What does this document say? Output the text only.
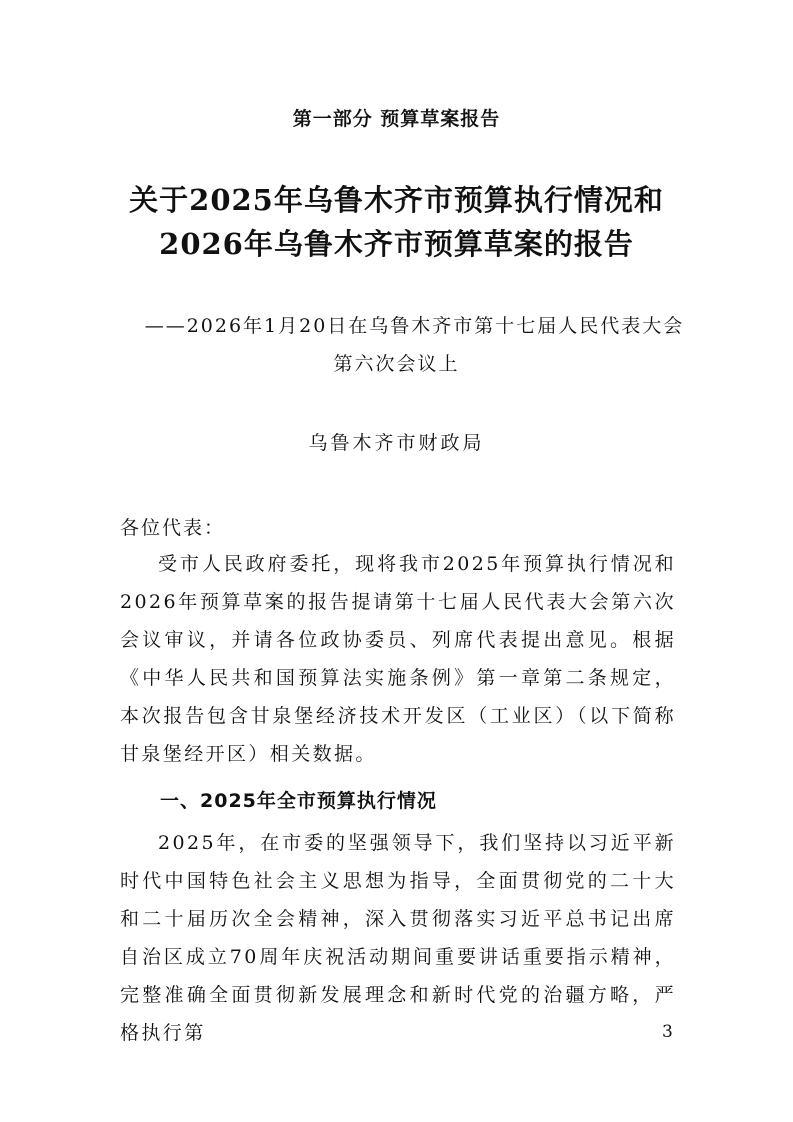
第一部分 预算草案报告
关于2025年乌鲁木齐市预算执行情况和
2026年乌鲁木齐市预算草案的报告
——2026年1月20日在乌鲁木齐市第十七届人民代表大会
第六次会议上
乌鲁木齐市财政局
各位代表：

受市人民政府委托，现将我市2025年预算执行情况和2026年预算草案的报告提请第十七届人民代表大会第六次会议审议，并请各位政协委员、列席代表提出意见。根据《中华人民共和国预算法实施条例》第一章第二条规定，本次报告包含甘泉堡经济技术开发区（工业区）（以下简称甘泉堡经开区）相关数据。

一、2025年全市预算执行情况

2025年，在市委的坚强领导下，我们坚持以习近平新时代中国特色社会主义思想为指导，全面贯彻党的二十大和二十届历次全会精神，深入贯彻落实习近平总书记出席自治区成立70周年庆祝活动期间重要讲话重要指示精神，完整准确全面贯彻新发展理念和新时代党的治疆方略，严格执行第	3
